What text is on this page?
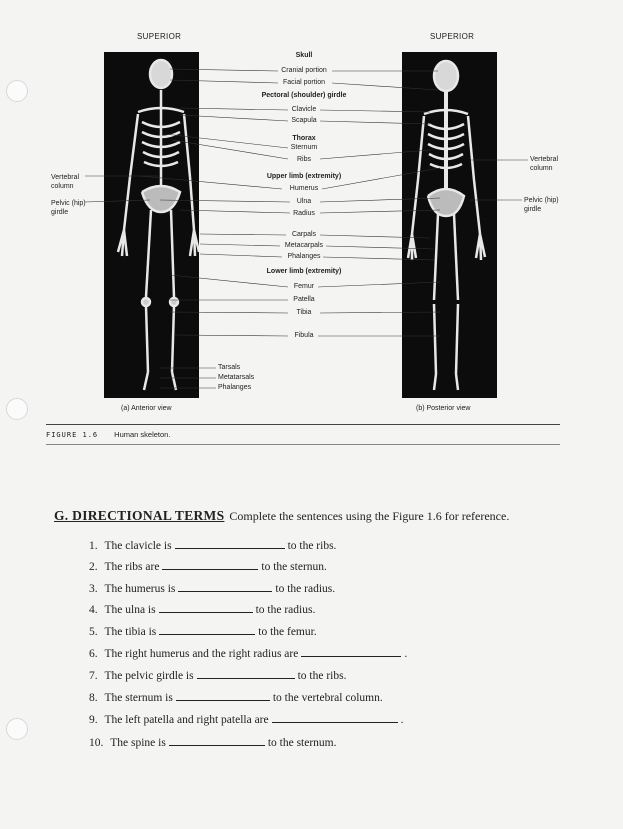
SUPERIOR	SUPERIOR
Skull
Cranial portion
Facial portion
Pectoral (shoulder) girdle
Clavicle
Scapula
Thorax
Sternum
Ribs
Upper limb (extremity)
Humerus
Ulna
Radius
Carpals
Metacarpals
Phalanges
Lower limb (extremity)
Femur
Patella
Tibia
Fibula
Tarsals
Metatarsals
Phalanges
Vertebral column
Pelvic (hip) girdle
Vertebral column
Pelvic (hip) girdle
(a) Anterior view	(b) Posterior view
FIGURE 1.6 Human skeleton.
G. DIRECTIONAL TERMS Complete the sentences using the Figure 1.6 for reference.
1. The clavicle is	to the ribs.
2. The ribs are	to the sternun.
3. The humerus is	to the radius.
4. The ulna is	to the radius.
5. The tibia is	to the femur.
6. The right humerus and the right radius are	.
7. The pelvic girdle is	to the ribs.
8. The sternum is	to the vertebral column.
9. The left patella and right patella are	.
10. The spine is	to the sternum.
